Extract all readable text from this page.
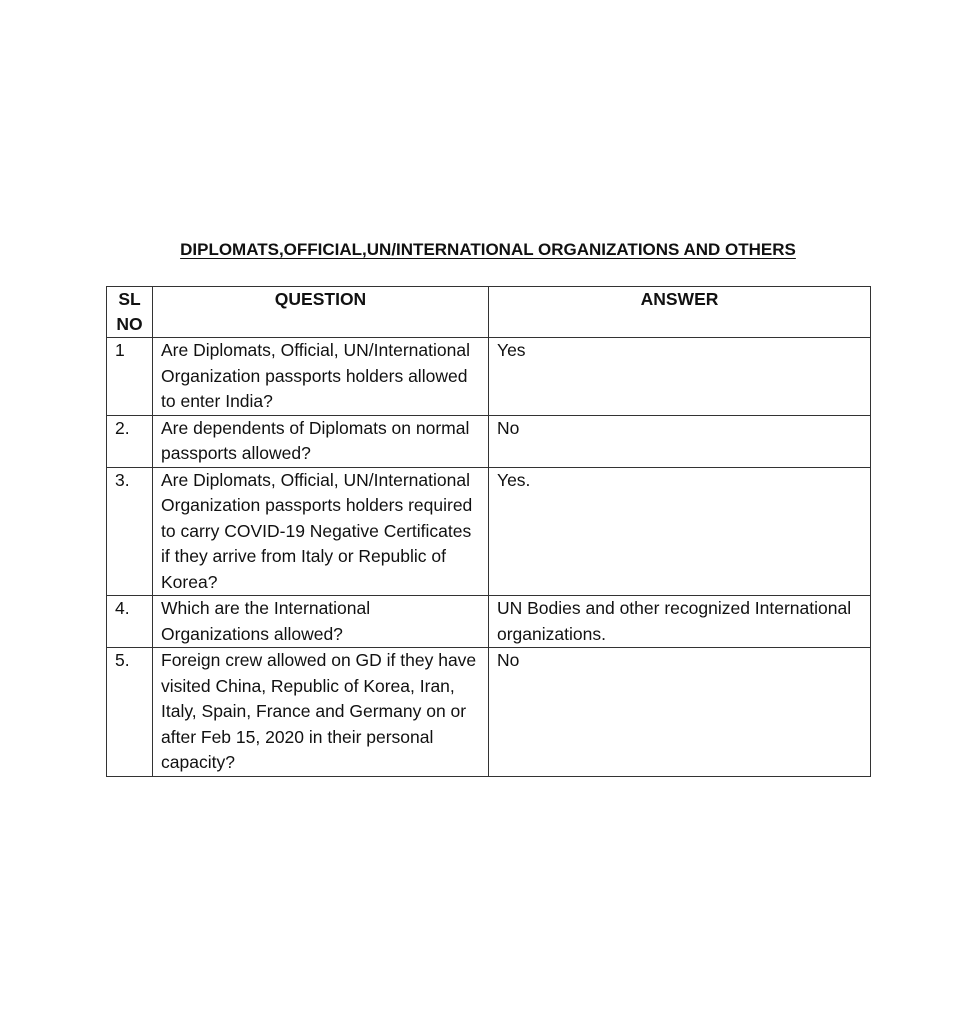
DIPLOMATS,OFFICIAL,UN/INTERNATIONAL ORGANIZATIONS AND OTHERS
SL NO	QUESTION	ANSWER
1	Are Diplomats, Official, UN/International Organization passports holders allowed to enter India?	Yes
2.	Are dependents of Diplomats on normal passports allowed?	No
3.	Are Diplomats, Official, UN/International Organization passports holders required to carry COVID-19 Negative Certificates if they arrive from Italy or Republic of Korea?	Yes.
4.	Which are the International Organizations allowed?	UN Bodies and other recognized International organizations.
5.	Foreign crew allowed on GD if they have visited China, Republic of Korea, Iran, Italy, Spain, France and Germany on or after Feb 15, 2020 in their personal capacity?	No
